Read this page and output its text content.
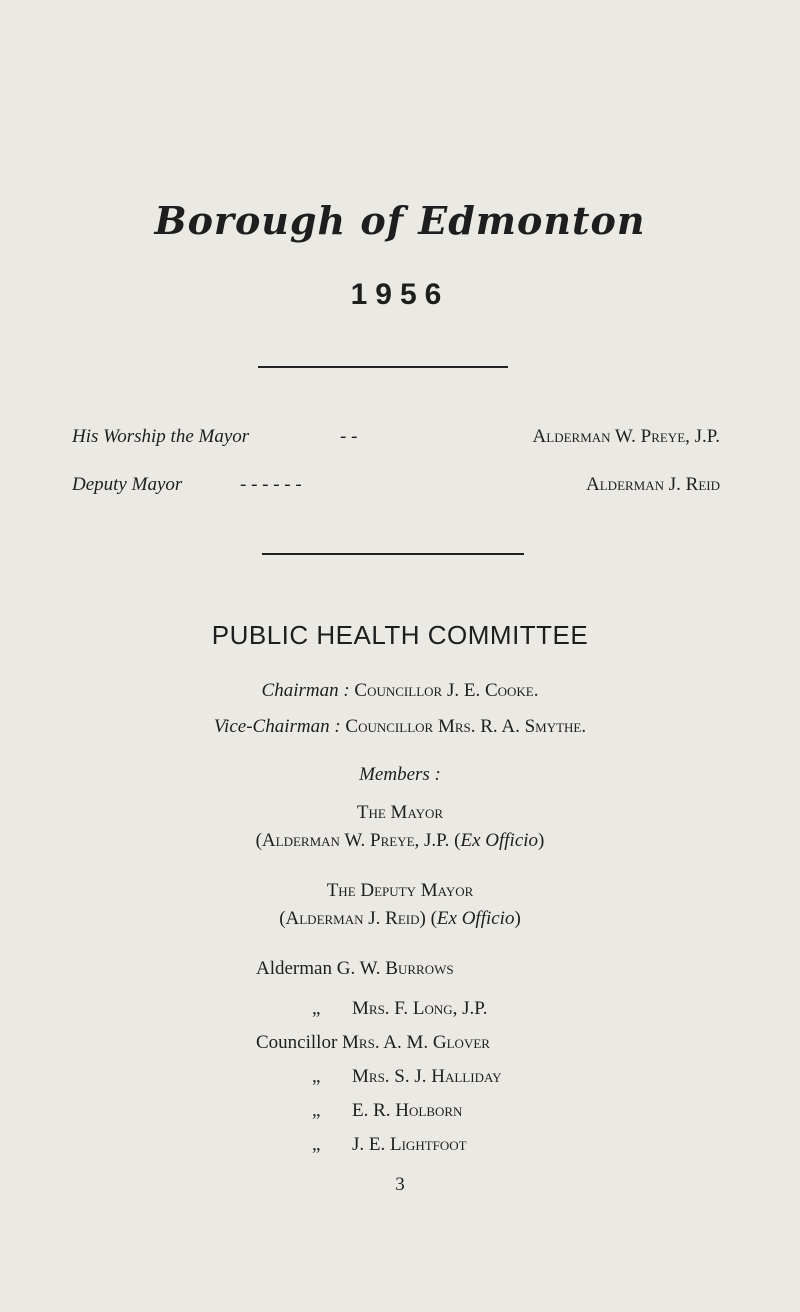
Borough of Edmonton
1956
His Worship the Mayor	- -	Alderman W. Preye, J.P.
Deputy Mayor	- - - - - -	Alderman J. Reid
PUBLIC HEALTH COMMITTEE
Chairman : Councillor J. E. Cooke.
Vice-Chairman : Councillor Mrs. R. A. Smythe.
Members :
The Mayor
(Alderman W. Preye, J.P. (Ex Officio)
The Deputy Mayor
(Alderman J. Reid) (Ex Officio)
Alderman G. W. Burrows
„ Mrs. F. Long, J.P.
Councillor Mrs. A. M. Glover
„ Mrs. S. J. Halliday
„ E. R. Holborn
„ J. E. Lightfoot
3
